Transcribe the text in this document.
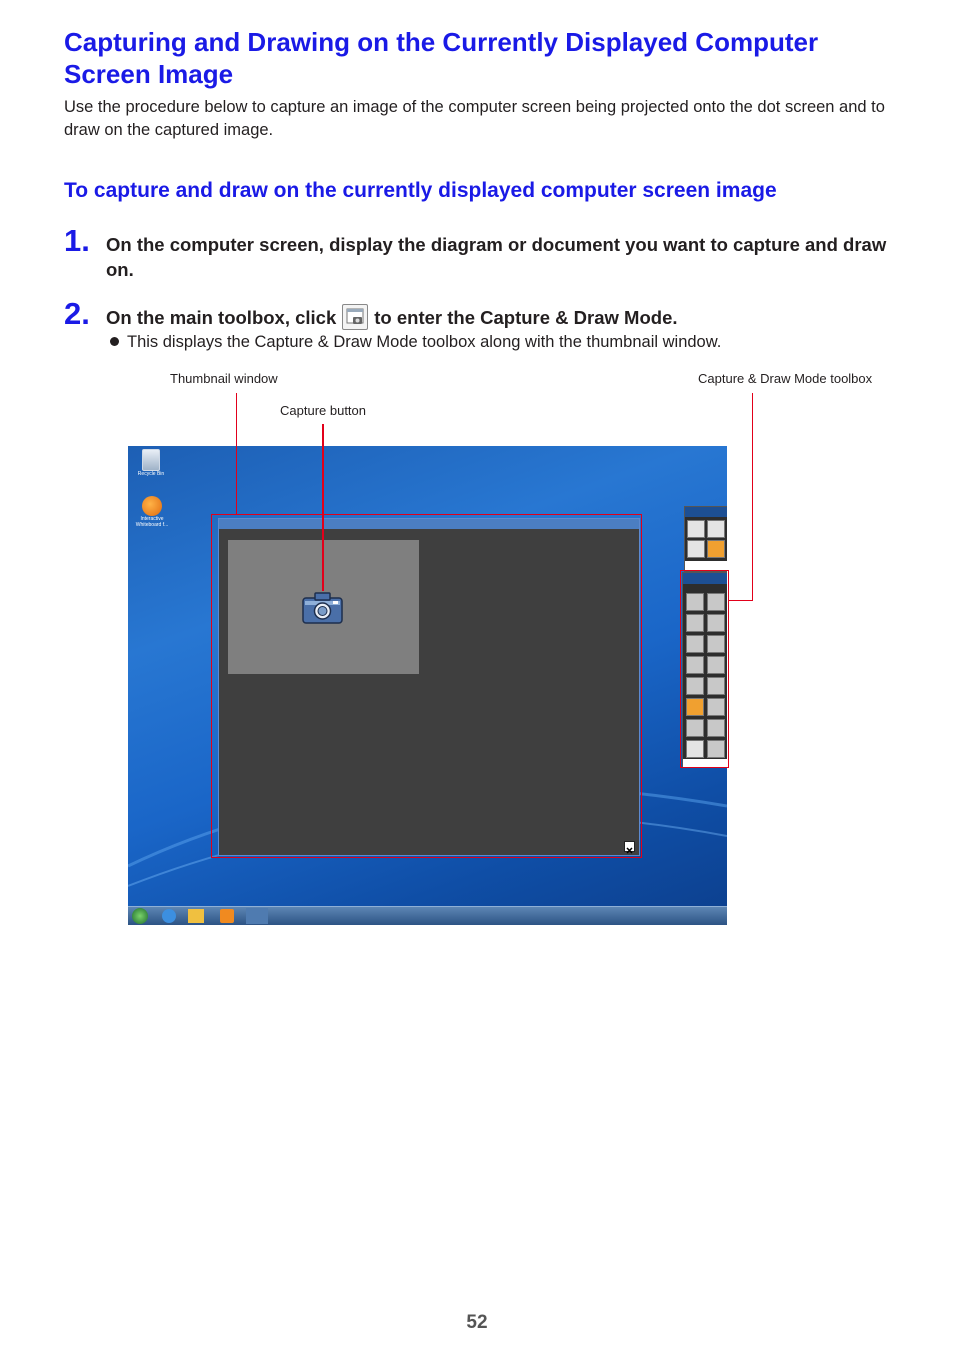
Capturing and Drawing on the Currently Displayed Computer Screen Image

Use the procedure below to capture an image of the computer screen being projected onto the dot screen and to draw on the captured image.

To capture and draw on the currently displayed computer screen image
1. On the computer screen, display the diagram or document you want to capture and draw on.
2. On the main toolbox, click to enter the Capture & Draw Mode.
This displays the Capture & Draw Mode toolbox along with the thumbnail window.
Thumbnail window
Capture button
Capture & Draw Mode toolbox
Recycle Bin
Interactive Whiteboard f...
52
